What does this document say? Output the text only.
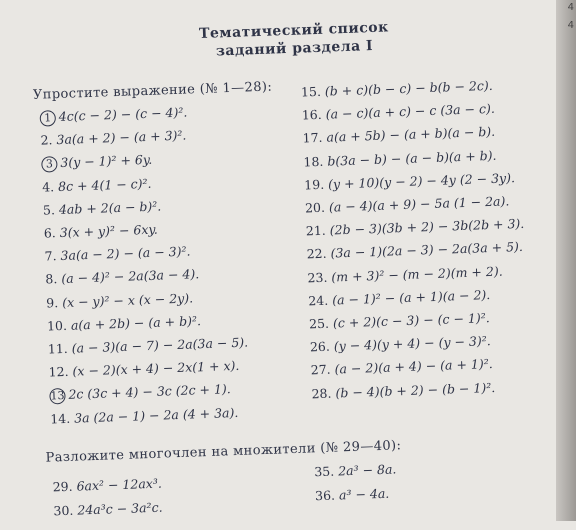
4
4
Тематический список
заданий раздела I
Упростите выражение (№ 1—28):
1 4c(c − 2) − (c − 4)².
2. 3a(a + 2) − (a + 3)².
3 3(y − 1)² + 6y.
4. 8c + 4(1 − c)².
5. 4ab + 2(a − b)².
6. 3(x + y)² − 6xy.
7. 3a(a − 2) − (a − 3)².
8. (a − 4)² − 2a(3a − 4).
9. (x − y)² − x (x − 2y).
10. a(a + 2b) − (a + b)².
11. (a − 3)(a − 7) − 2a(3a − 5).
12. (x − 2)(x + 4) − 2x(1 + x).
13 2c (3c + 4) − 3c (2c + 1).
14. 3a (2a − 1) − 2a (4 + 3a).
15. (b + c)(b − c) − b(b − 2c).
16. (a − c)(a + c) − c (3a − c).
17. a(a + 5b) − (a + b)(a − b).
18. b(3a − b) − (a − b)(a + b).
19. (y + 10)(y − 2) − 4y (2 − 3y).
20. (a − 4)(a + 9) − 5a (1 − 2a).
21. (2b − 3)(3b + 2) − 3b(2b + 3).
22. (3a − 1)(2a − 3) − 2a(3a + 5).
23. (m + 3)² − (m − 2)(m + 2).
24. (a − 1)² − (a + 1)(a − 2).
25. (c + 2)(c − 3) − (c − 1)².
26. (y − 4)(y + 4) − (y − 3)².
27. (a − 2)(a + 4) − (a + 1)².
28. (b − 4)(b + 2) − (b − 1)².
Разложите многочлен на множители (№ 29—40):
29. 6ax² − 12ax³.
30. 24a³c − 3a²c.
35. 2a³ − 8a.
36. a³ − 4a.
